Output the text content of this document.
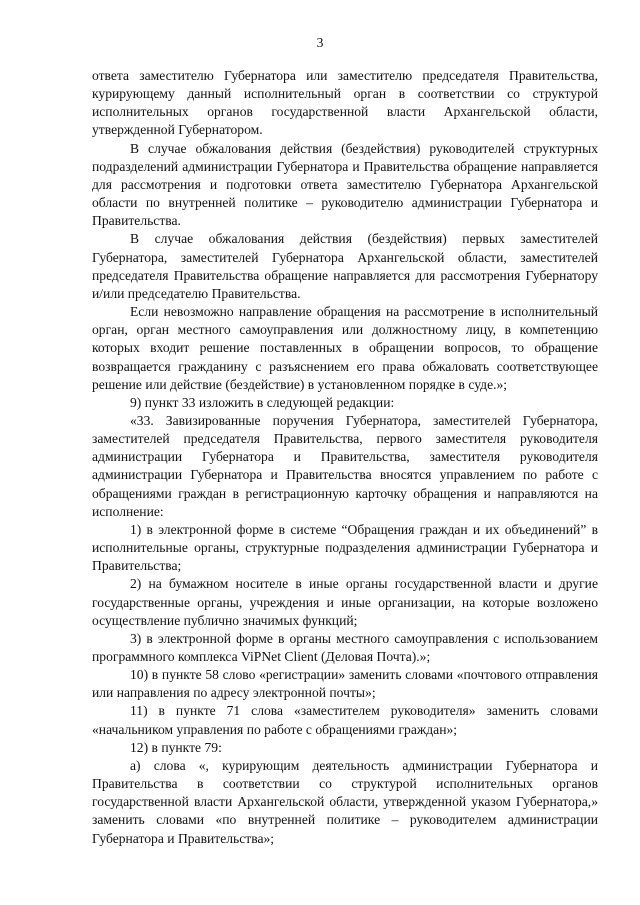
3

ответа заместителю Губернатора или заместителю председателя Правительства, курирующему данный исполнительный орган в соответствии со структурой исполнительных органов государственной власти Архангельской области, утвержденной Губернатором.

В случае обжалования действия (бездействия) руководителей структурных подразделений администрации Губернатора и Правительства обращение направляется для рассмотрения и подготовки ответа заместителю Губернатора Архангельской области по внутренней политике – руководителю администрации Губернатора и Правительства.

В случае обжалования действия (бездействия) первых заместителей Губернатора, заместителей Губернатора Архангельской области, заместителей председателя Правительства обращение направляется для рассмотрения Губернатору и/или председателю Правительства.

Если невозможно направление обращения на рассмотрение в исполнительный орган, орган местного самоуправления или должностному лицу, в компетенцию которых входит решение поставленных в обращении вопросов, то обращение возвращается гражданину с разъяснением его права обжаловать соответствующее решение или действие (бездействие) в установленном порядке в суде.»;

9) пункт 33 изложить в следующей редакции:

«33. Завизированные поручения Губернатора, заместителей Губернатора, заместителей председателя Правительства, первого заместителя руководителя администрации Губернатора и Правительства, заместителя руководителя администрации Губернатора и Правительства вносятся управлением по работе с обращениями граждан в регистрационную карточку обращения и направляются на исполнение:

1) в электронной форме в системе “Обращения граждан и их объединений” в исполнительные органы, структурные подразделения администрации Губернатора и Правительства;

2) на бумажном носителе в иные органы государственной власти и другие государственные органы, учреждения и иные организации, на которые возложено осуществление публично значимых функций;

3) в электронной форме в органы местного самоуправления с использованием программного комплекса ViPNet Client (Деловая Почта).»;

10) в пункте 58 слово «регистрации» заменить словами «почтового отправления или направления по адресу электронной почты»;

11) в пункте 71 слова «заместителем руководителя» заменить словами «начальником управления по работе с обращениями граждан»;

12) в пункте 79:

а) слова «, курирующим деятельность администрации Губернатора и Правительства в соответствии со структурой исполнительных органов государственной власти Архангельской области, утвержденной указом Губернатора,» заменить словами «по внутренней политике – руководителем администрации Губернатора и Правительства»;
